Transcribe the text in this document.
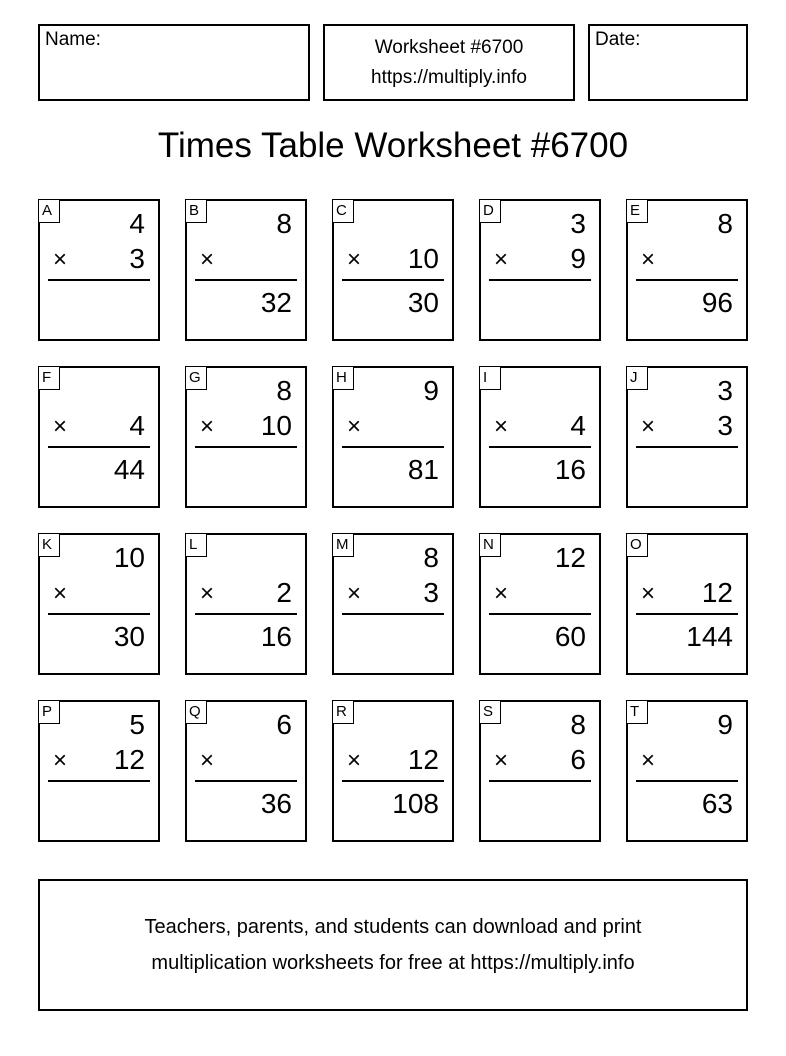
Name:	Worksheet #6700
https://multiply.info
Date:
Times Table Worksheet #6700
A	4
× 3
B	8
×
32
C
× 10
30
D	3
× 9
E	8
×
96
F
× 4
44
G	8
× 10
H	9
×
81
I
× 4
16
J	3
× 3
K 10
×
30
L
× 2
16
M	8
× 3
N 12
×
60
O
× 12
144
P	5
× 12
Q	6
×
36
R
× 12
108
S	8
× 6
T	9
×
63
Teachers, parents, and students can download and print
multiplication worksheets for free at https://multiply.info
